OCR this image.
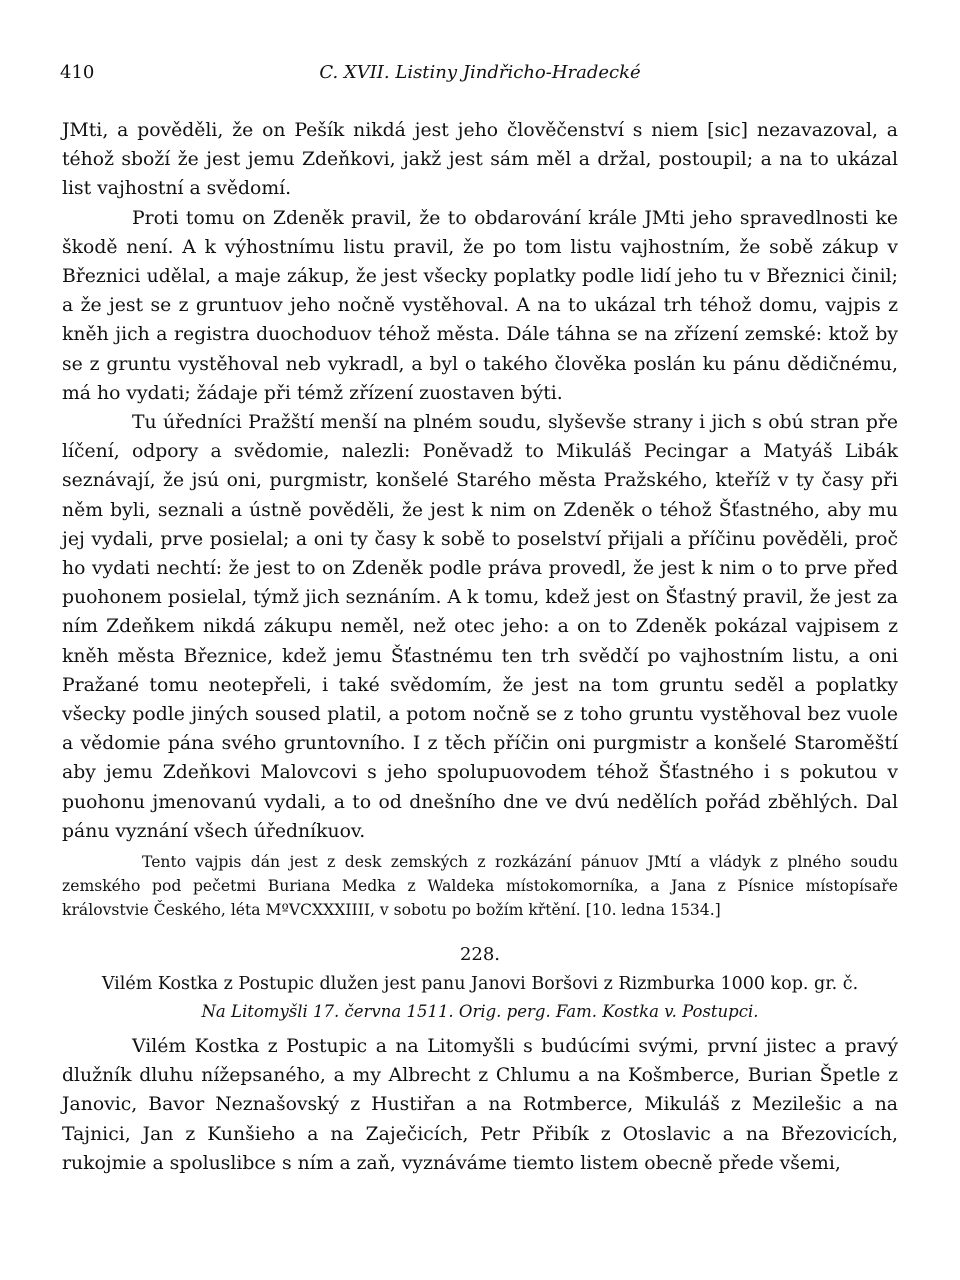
410	C. XVII. Listiny Jindřicho-Hradecké

JMti, a pověděli, že on Pešík nikdá jest jeho člověčenství s niem [sic] nezavazoval, a téhož sboží že jest jemu Zdeňkovi, jakž jest sám měl a držal, postoupil; a na to ukázal list vajhostní a svědomí.

Proti tomu on Zdeněk pravil, že to obdarování krále JMti jeho spravedlnosti ke škodě není. A k výhostnímu listu pravil, že po tom listu vajhostním, že sobě zákup v Březnici udělal, a maje zákup, že jest všecky poplatky podle lidí jeho tu v Březnici činil; a že jest se z gruntuov jeho nočně vystěhoval. A na to ukázal trh téhož domu, vajpis z kněh jich a registra duochoduov téhož města. Dále táhna se na zřízení zemské: ktož by se z gruntu vystěhoval neb vykradl, a byl o takého člověka poslán ku pánu dědičnému, má ho vydati; žádaje při témž zřízení zuostaven býti.

Tu úředníci Pražští menší na plném soudu, slyševše strany i jich s obú stran pře líčení, odpory a svědomie, nalezli: Poněvadž to Mikuláš Pecingar a Matyáš Libák seznávají, že jsú oni, purgmistr, konšelé Starého města Pražského, kteříž v ty časy při něm byli, seznali a ústně pověděli, že jest k nim on Zdeněk o téhož Šťastného, aby mu jej vydali, prve posielal; a oni ty časy k sobě to poselství přijali a příčinu pověděli, proč ho vydati nechtí: že jest to on Zdeněk podle práva provedl, že jest k nim o to prve před puohonem posielal, týmž jich seznáním. A k tomu, kdež jest on Šťastný pravil, že jest za ním Zdeňkem nikdá zákupu neměl, než otec jeho: a on to Zdeněk pokázal vajpisem z kněh města Březnice, kdež jemu Šťastnému ten trh svědčí po vajhostním listu, a oni Pražané tomu neotepřeli, i také svědomím, že jest na tom gruntu seděl a poplatky všecky podle jiných soused platil, a potom nočně se z toho gruntu vystěhoval bez vuole a vědomie pána svého gruntovního. I z těch příčin oni purgmistr a konšelé Staroměští aby jemu Zdeňkovi Malovcovi s jeho spolupuovodem téhož Šťastného i s pokutou v puohonu jmenovanú vydali, a to od dnešního dne ve dvú nedělích pořád zběhlých. Dal pánu vyznání všech úředníkuov.

Tento vajpis dán jest z desk zemských z rozkázání pánuov JMtí a vládyk z plného soudu zemského pod pečetmi Buriana Medka z Waldeka místokomorníka, a Jana z Písnice místopísaře královstvie Českého, léta MºVCXXXIIII, v sobotu po božím křtění. [10. ledna 1534.]

228.

Vilém Kostka z Postupic dlužen jest panu Janovi Boršovi z Rizmburka 1000 kop. gr. č.

Na Litomyšli 17. června 1511. Orig. perg. Fam. Kostka v. Postupci.

Vilém Kostka z Postupic a na Litomyšli s budúcími svými, první jistec a pravý dlužník dluhu nížepsaného, a my Albrecht z Chlumu a na Košmberce, Burian Špetle z Janovic, Bavor Neznašovský z Hustiřan a na Rotmberce, Mikuláš z Mezilešic a na Tajnici, Jan z Kunšieho a na Zaječicích, Petr Přibík z Otoslavic a na Březovicích, rukojmie a spoluslibce s ním a zaň, vyznáváme tiemto listem obecně přede všemi,
